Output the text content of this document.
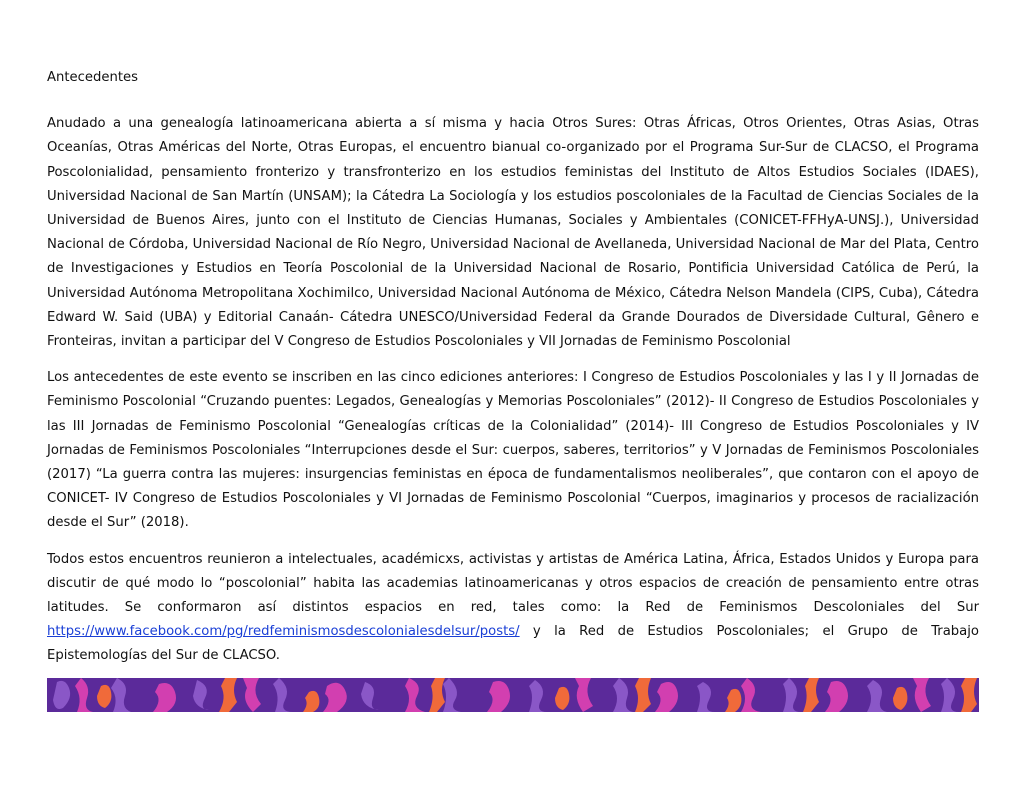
Antecedentes

Anudado a una genealogía latinoamericana abierta a sí misma y hacia Otros Sures: Otras Áfricas, Otros Orientes, Otras Asias, Otras Oceanías, Otras Américas del Norte, Otras Europas, el encuentro bianual co-organizado por el Programa Sur-Sur de CLACSO, el Programa Poscolonialidad, pensamiento fronterizo y transfronterizo en los estudios feministas del Instituto de Altos Estudios Sociales (IDAES), Universidad Nacional de San Martín (UNSAM); la Cátedra La Sociología y los estudios poscoloniales de la Facultad de Ciencias Sociales de la Universidad de Buenos Aires, junto con el Instituto de Ciencias Humanas, Sociales y Ambientales (CONICET-FFHyA-UNSJ.), Universidad Nacional de Córdoba, Universidad Nacional de Río Negro, Universidad Nacional de Avellaneda, Universidad Nacional de Mar del Plata, Centro de Investigaciones y Estudios en Teoría Poscolonial de la Universidad Nacional de Rosario, Pontificia Universidad Católica de Perú, la Universidad Autónoma Metropolitana Xochimilco, Universidad Nacional Autónoma de México, Cátedra Nelson Mandela (CIPS, Cuba), Cátedra Edward W. Said (UBA) y Editorial Canaán- Cátedra UNESCO/Universidad Federal da Grande Dourados de Diversidade Cultural, Gênero e Fronteiras, invitan a participar del V Congreso de Estudios Poscoloniales y VII Jornadas de Feminismo Poscolonial

Los antecedentes de este evento se inscriben en las cinco ediciones anteriores: I Congreso de Estudios Poscoloniales y las I y II Jornadas de Feminismo Poscolonial “Cruzando puentes: Legados, Genealogías y Memorias Poscoloniales” (2012)- II Congreso de Estudios Poscoloniales y las III Jornadas de Feminismo Poscolonial “Genealogías críticas de la Colonialidad” (2014)- III Congreso de Estudios Poscoloniales y IV Jornadas de Feminismos Poscoloniales “Interrupciones desde el Sur: cuerpos, saberes, territorios” y V Jornadas de Feminismos Poscoloniales (2017) “La guerra contra las mujeres: insurgencias feministas en época de fundamentalismos neoliberales”, que contaron con el apoyo de CONICET- IV Congreso de Estudios Poscoloniales y VI Jornadas de Feminismo Poscolonial “Cuerpos, imaginarios y procesos de racialización desde el Sur” (2018).

Todos estos encuentros reunieron a intelectuales, académicxs, activistas y artistas de América Latina, África, Estados Unidos y Europa para discutir de qué modo lo “poscolonial” habita las academias latinoamericanas y otros espacios de creación de pensamiento entre otras latitudes. Se conformaron así distintos espacios en red, tales como: la Red de Feminismos Descoloniales del Sur https://www.facebook.com/pg/redfeminismosdescolonialesdelsur/posts/ y la Red de Estudios Poscoloniales; el Grupo de Trabajo Epistemologías del Sur de CLACSO.
